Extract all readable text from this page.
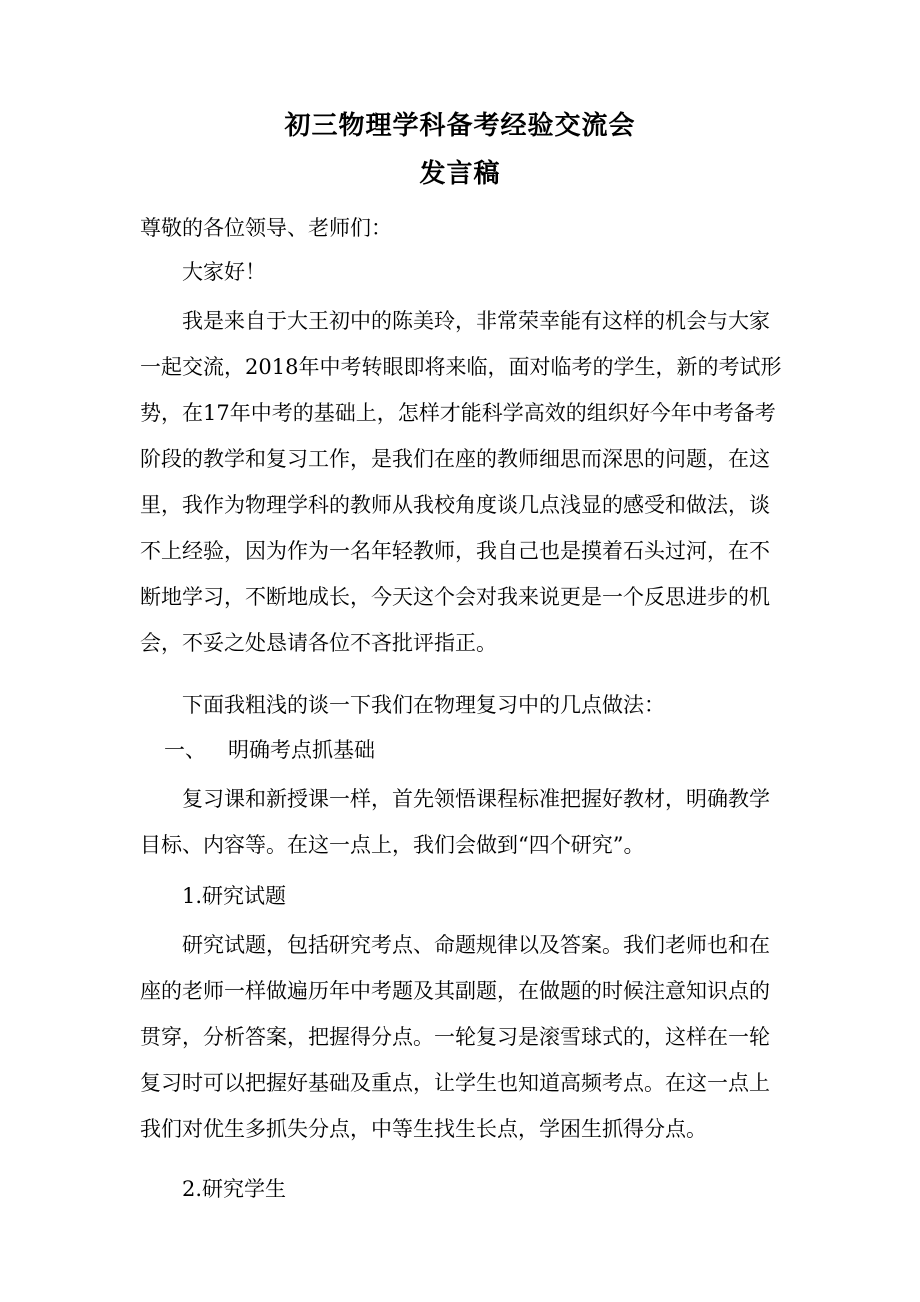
初三物理学科备考经验交流会
发言稿
尊敬的各位领导、老师们：
大家好！
我是来自于大王初中的陈美玲，非常荣幸能有这样的机会与大家一起交流，2018年中考转眼即将来临，面对临考的学生，新的考试形势，在17年中考的基础上，怎样才能科学高效的组织好今年中考备考阶段的教学和复习工作，是我们在座的教师细思而深思的问题，在这里，我作为物理学科的教师从我校角度谈几点浅显的感受和做法，谈不上经验，因为作为一名年轻教师，我自己也是摸着石头过河，在不断地学习，不断地成长，今天这个会对我来说更是一个反思进步的机会，不妥之处恳请各位不吝批评指正。
下面我粗浅的谈一下我们在物理复习中的几点做法：
一、 明确考点抓基础
复习课和新授课一样，首先领悟课程标准把握好教材，明确教学目标、内容等。在这一点上，我们会做到“四个研究”。
1.研究试题
研究试题，包括研究考点、命题规律以及答案。我们老师也和在座的老师一样做遍历年中考题及其副题，在做题的时候注意知识点的贯穿，分析答案，把握得分点。一轮复习是滚雪球式的，这样在一轮复习时可以把握好基础及重点，让学生也知道高频考点。在这一点上我们对优生多抓失分点，中等生找生长点，学困生抓得分点。
2.研究学生
